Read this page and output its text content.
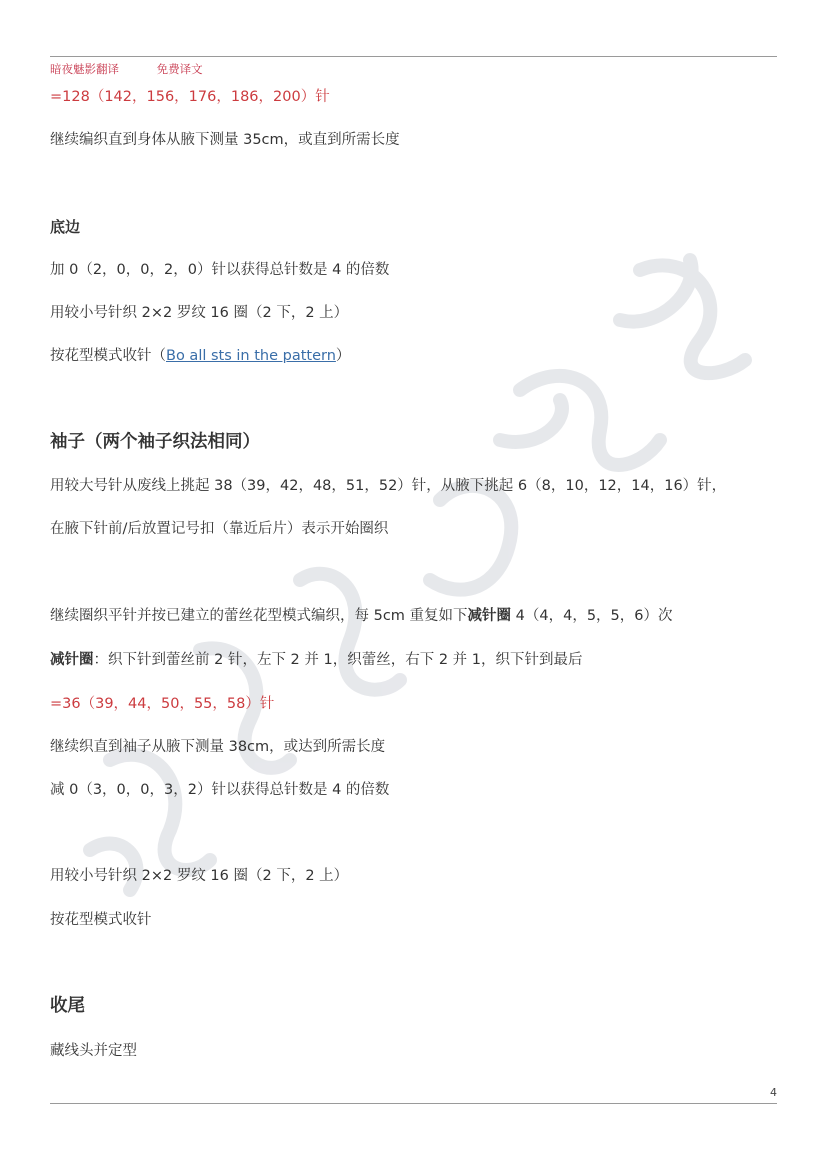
暗夜魅影翻译	免费译文
=128（142，156，176，186，200）针
继续编织直到身体从腋下测量 35cm，或直到所需长度
底边
加 0（2，0，0，2，0）针以获得总针数是 4 的倍数
用较小号针织 2×2 罗纹 16 圈（2 下，2 上）
按花型模式收针（Bo all sts in the pattern）
袖子（两个袖子织法相同）
用较大号针从废线上挑起 38（39，42，48，51，52）针，从腋下挑起 6（8，10，12，14，16）针，
在腋下针前/后放置记号扣（靠近后片）表示开始圈织
继续圈织平针并按已建立的蕾丝花型模式编织，每 5cm 重复如下减针圈 4（4，4，5，5，6）次
减针圈：织下针到蕾丝前 2 针，左下 2 并 1，织蕾丝，右下 2 并 1，织下针到最后
=36（39，44，50，55，58）针
继续织直到袖子从腋下测量 38cm，或达到所需长度
减 0（3，0，0，3，2）针以获得总针数是 4 的倍数
用较小号针织 2×2 罗纹 16 圈（2 下，2 上）
按花型模式收针
收尾
藏线头并定型
4
